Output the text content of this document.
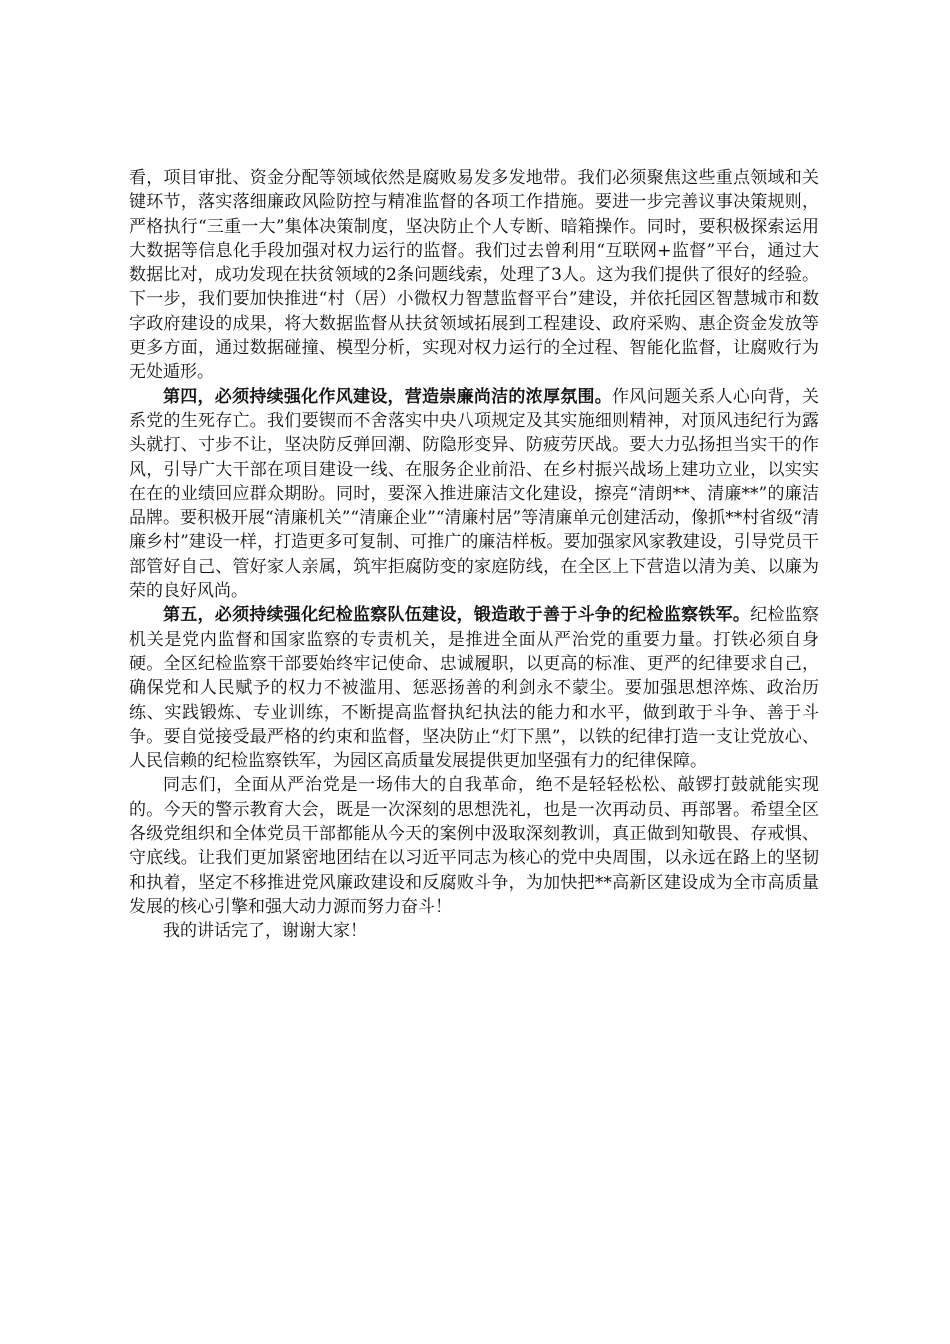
看，项目审批、资金分配等领域依然是腐败易发多发地带。我们必须聚焦这些重点领域和关键环节，落实落细廉政风险防控与精准监督的各项工作措施。要进一步完善议事决策规则，严格执行“三重一大”集体决策制度，坚决防止个人专断、暗箱操作。同时，要积极探索运用大数据等信息化手段加强对权力运行的监督。我们过去曾利用“互联网+监督”平台，通过大数据比对，成功发现在扶贫领域的2条问题线索，处理了3人。这为我们提供了很好的经验。下一步，我们要加快推进“村（居）小微权力智慧监督平台”建设，并依托园区智慧城市和数字政府建设的成果，将大数据监督从扶贫领域拓展到工程建设、政府采购、惠企资金发放等更多方面，通过数据碰撞、模型分析，实现对权力运行的全过程、智能化监督，让腐败行为无处遁形。

第四，必须持续强化作风建设，营造崇廉尚洁的浓厚氛围。作风问题关系人心向背，关系党的生死存亡。我们要锲而不舍落实中央八项规定及其实施细则精神，对顶风违纪行为露头就打、寸步不让，坚决防反弹回潮、防隐形变异、防疲劳厌战。要大力弘扬担当实干的作风，引导广大干部在项目建设一线、在服务企业前沿、在乡村振兴战场上建功立业，以实实在在的业绩回应群众期盼。同时，要深入推进廉洁文化建设，擦亮“清朗**、清廉**”的廉洁品牌。要积极开展“清廉机关”“清廉企业”“清廉村居”等清廉单元创建活动，像抓**村省级“清廉乡村”建设一样，打造更多可复制、可推广的廉洁样板。要加强家风家教建设，引导党员干部管好自己、管好家人亲属，筑牢拒腐防变的家庭防线，在全区上下营造以清为美、以廉为荣的良好风尚。

第五，必须持续强化纪检监察队伍建设，锻造敢于善于斗争的纪检监察铁军。纪检监察机关是党内监督和国家监察的专责机关，是推进全面从严治党的重要力量。打铁必须自身硬。全区纪检监察干部要始终牢记使命、忠诚履职，以更高的标准、更严的纪律要求自己，确保党和人民赋予的权力不被滥用、惩恶扬善的利剑永不蒙尘。要加强思想淬炼、政治历练、实践锻炼、专业训练，不断提高监督执纪执法的能力和水平，做到敢于斗争、善于斗争。要自觉接受最严格的约束和监督，坚决防止“灯下黑”，以铁的纪律打造一支让党放心、人民信赖的纪检监察铁军，为园区高质量发展提供更加坚强有力的纪律保障。

同志们，全面从严治党是一场伟大的自我革命，绝不是轻轻松松、敲锣打鼓就能实现的。今天的警示教育大会，既是一次深刻的思想洗礼，也是一次再动员、再部署。希望全区各级党组织和全体党员干部都能从今天的案例中汲取深刻教训，真正做到知敬畏、存戒惧、守底线。让我们更加紧密地团结在以习近平同志为核心的党中央周围，以永远在路上的坚韧和执着，坚定不移推进党风廉政建设和反腐败斗争，为加快把**高新区建设成为全市高质量发展的核心引擎和强大动力源而努力奋斗！

我的讲话完了，谢谢大家！
